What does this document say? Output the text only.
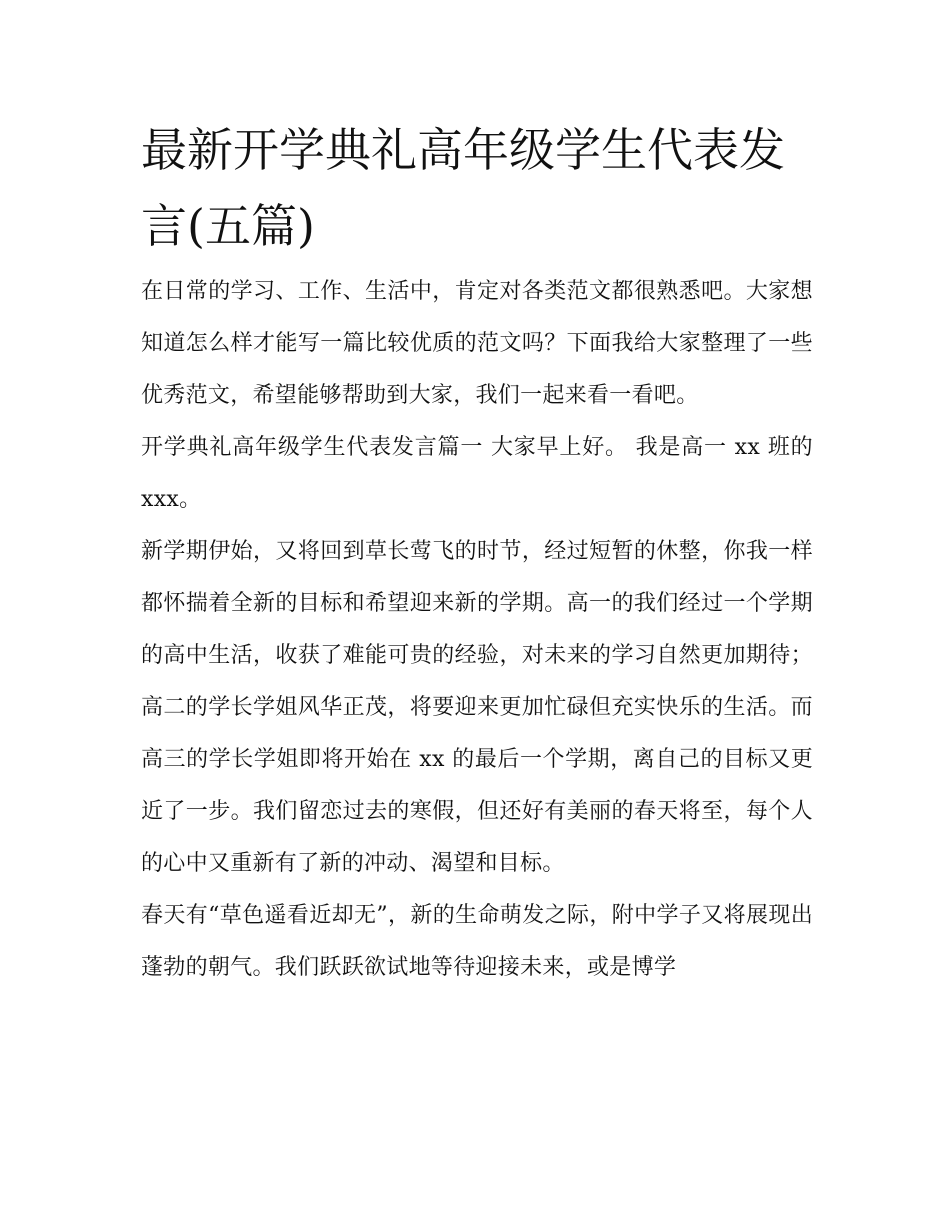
最新开学典礼高年级学生代表发言(五篇)

在日常的学习、工作、生活中，肯定对各类范文都很熟悉吧。大家想知道怎么样才能写一篇比较优质的范文吗？下面我给大家整理了一些优秀范文，希望能够帮助到大家，我们一起来看一看吧。

开学典礼高年级学生代表发言篇一 大家早上好。 我是高一 xx 班的 xxx。

新学期伊始，又将回到草长莺飞的时节，经过短暂的休整，你我一样都怀揣着全新的目标和希望迎来新的学期。高一的我们经过一个学期的高中生活，收获了难能可贵的经验，对未来的学习自然更加期待；高二的学长学姐风华正茂，将要迎来更加忙碌但充实快乐的生活。而高三的学长学姐即将开始在 xx 的最后一个学期，离自己的目标又更近了一步。我们留恋过去的寒假，但还好有美丽的春天将至，每个人的心中又重新有了新的冲动、渴望和目标。

春天有“草色遥看近却无”，新的生命萌发之际，附中学子又将展现出蓬勃的朝气。我们跃跃欲试地等待迎接未来，或是博学
